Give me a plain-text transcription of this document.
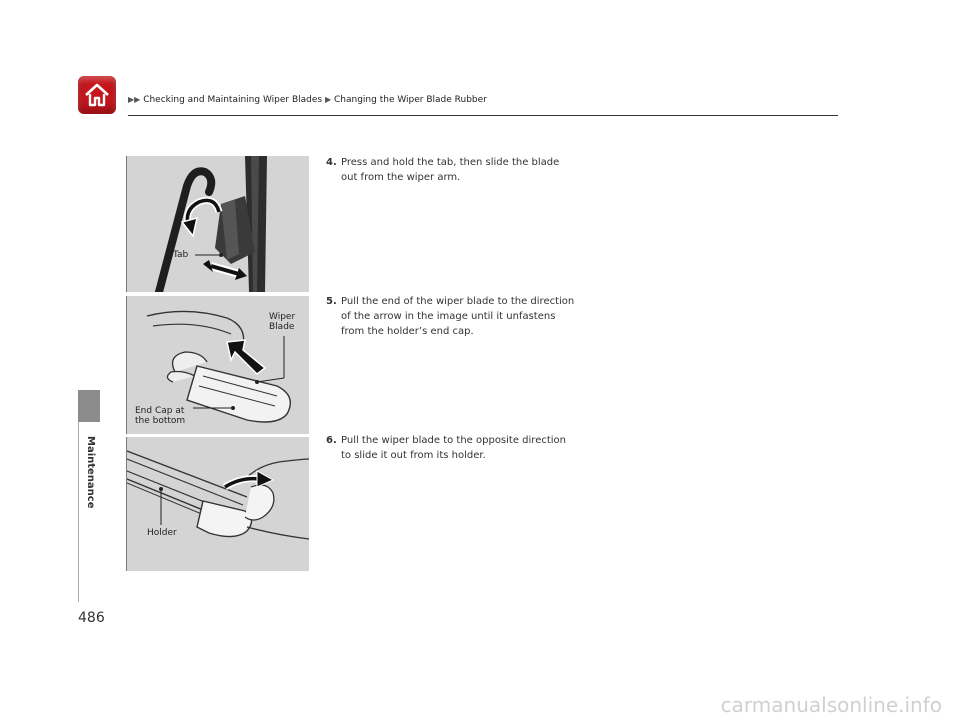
▶▶ Checking and Maintaining Wiper Blades ▶ Changing the Wiper Blade Rubber
Maintenance
486
Tab
Wiper
Blade
End Cap at
the bottom
Holder
4. Press and hold the tab, then slide the blade out from the wiper arm.
5. Pull the end of the wiper blade to the direction of the arrow in the image until it unfastens from the holder’s end cap.
6. Pull the wiper blade to the opposite direction to slide it out from its holder.
carmanualsonline.info
